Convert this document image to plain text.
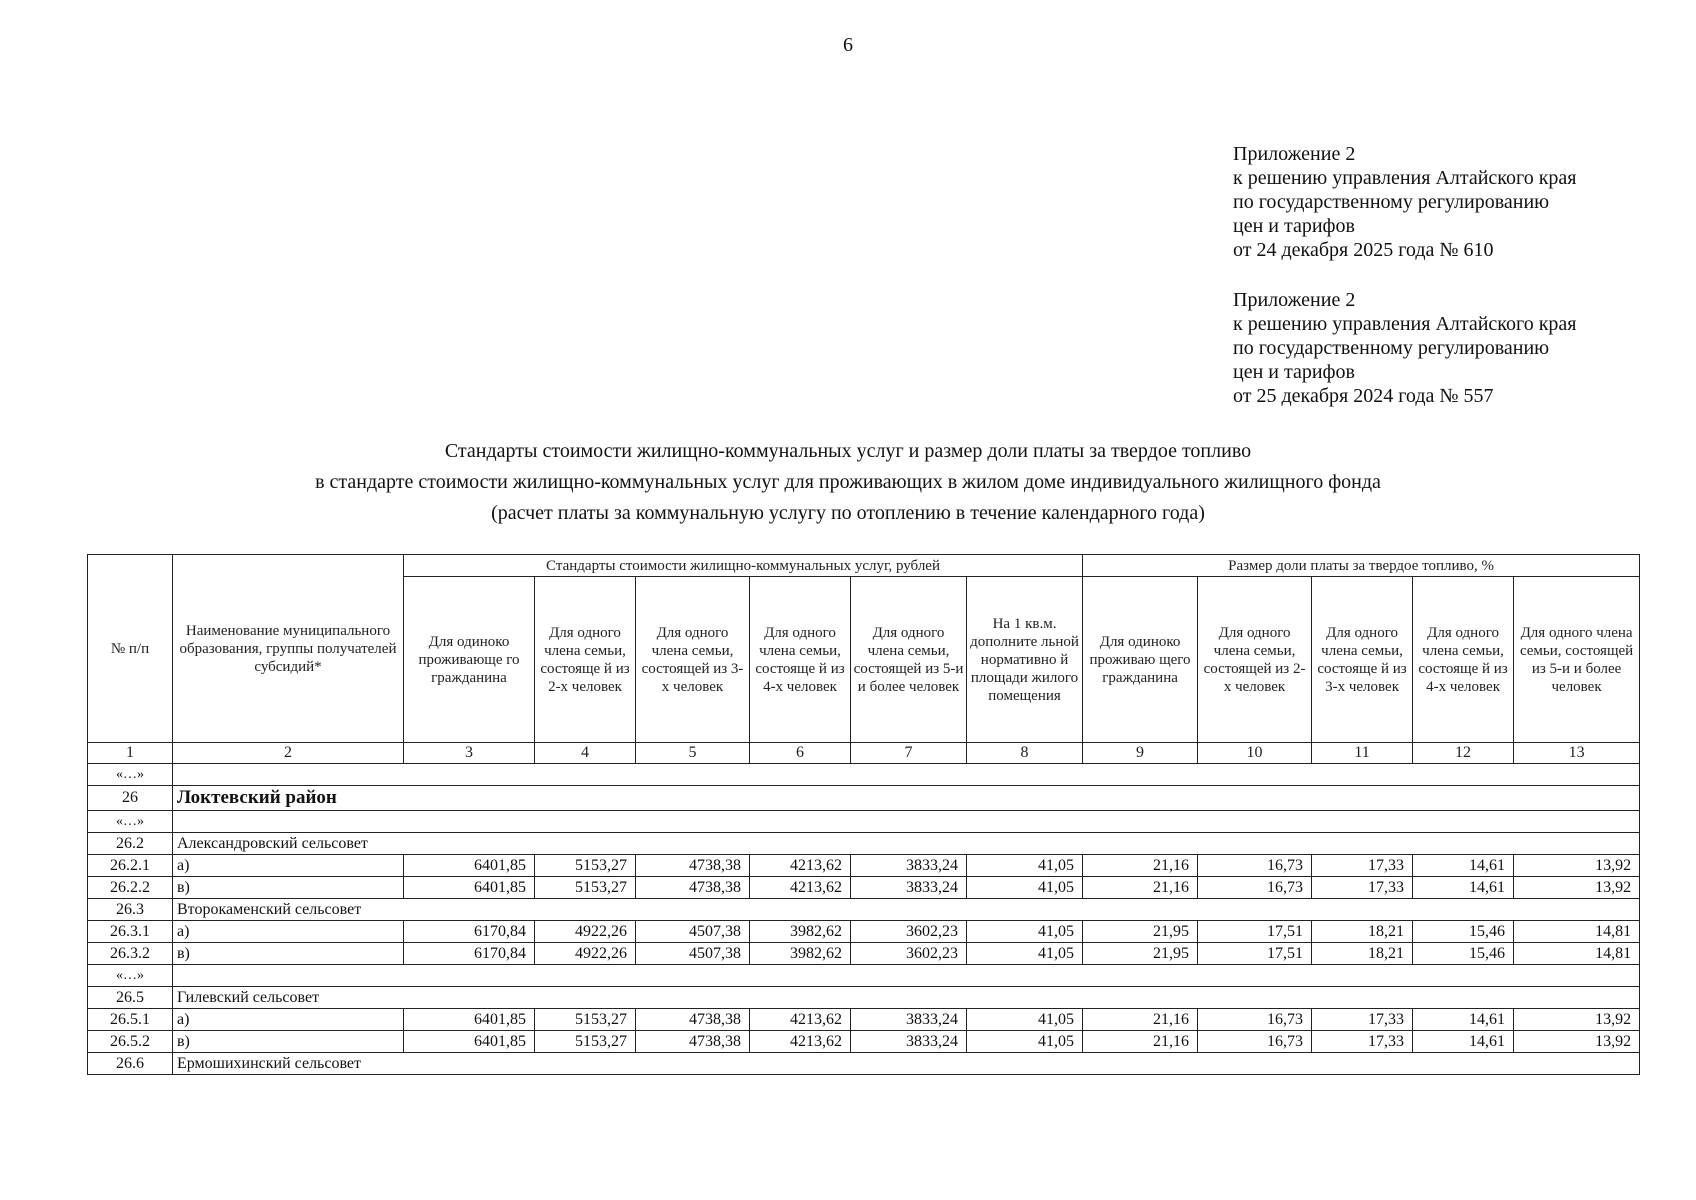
6
Приложение 2
к решению управления Алтайского края
по государственному регулированию
цен и тарифов
от 24 декабря 2025 года № 610
Приложение 2
к решению управления Алтайского края
по государственному регулированию
цен и тарифов
от 25 декабря 2024 года № 557
Стандарты стоимости жилищно-коммунальных услуг и размер доли платы за твердое топливо
в стандарте стоимости жилищно-коммунальных услуг для проживающих в жилом доме индивидуального жилищного фонда
(расчет платы за коммунальную услугу по отоплению в течение календарного года)
№ п/п	Наименование муниципального образования, группы получателей субсидий*	Стандарты стоимости жилищно-коммунальных услуг, рублей						Размер доли платы за твердое топливо, %				
		Для одиноко проживающе го гражданина	Для одного члена семьи, состояще й из 2-х человек	Для одного члена семьи, состоящей из 3-х человек	Для одного члена семьи, состояще й из 4-х человек	Для одного члена семьи, состоящей из 5-и и более человек	На 1 кв.м. дополните льной нормативно й площади жилого помещения	Для одиноко проживаю щего гражданина	Для одного члена семьи, состоящей из 2-х человек	Для одного члена семьи, состояще й из 3-х человек	Для одного члена семьи, состояще й из 4-х человек	Для одного члена семьи, состоящей из 5-и и более человек
1	2	3	4	5	6	7	8	9	10	11	12	13
«…»												
26	Локтевский район											
«…»												
26.2	Александровский сельсовет											
26.2.1	а)	6401,85	5153,27	4738,38	4213,62	3833,24	41,05	21,16	16,73	17,33	14,61	13,92
26.2.2	в)	6401,85	5153,27	4738,38	4213,62	3833,24	41,05	21,16	16,73	17,33	14,61	13,92
26.3	Второкаменский сельсовет											
26.3.1	а)	6170,84	4922,26	4507,38	3982,62	3602,23	41,05	21,95	17,51	18,21	15,46	14,81
26.3.2	в)	6170,84	4922,26	4507,38	3982,62	3602,23	41,05	21,95	17,51	18,21	15,46	14,81
«…»												
26.5	Гилевский сельсовет											
26.5.1	а)	6401,85	5153,27	4738,38	4213,62	3833,24	41,05	21,16	16,73	17,33	14,61	13,92
26.5.2	в)	6401,85	5153,27	4738,38	4213,62	3833,24	41,05	21,16	16,73	17,33	14,61	13,92
26.6	Ермошихинский сельсовет											
